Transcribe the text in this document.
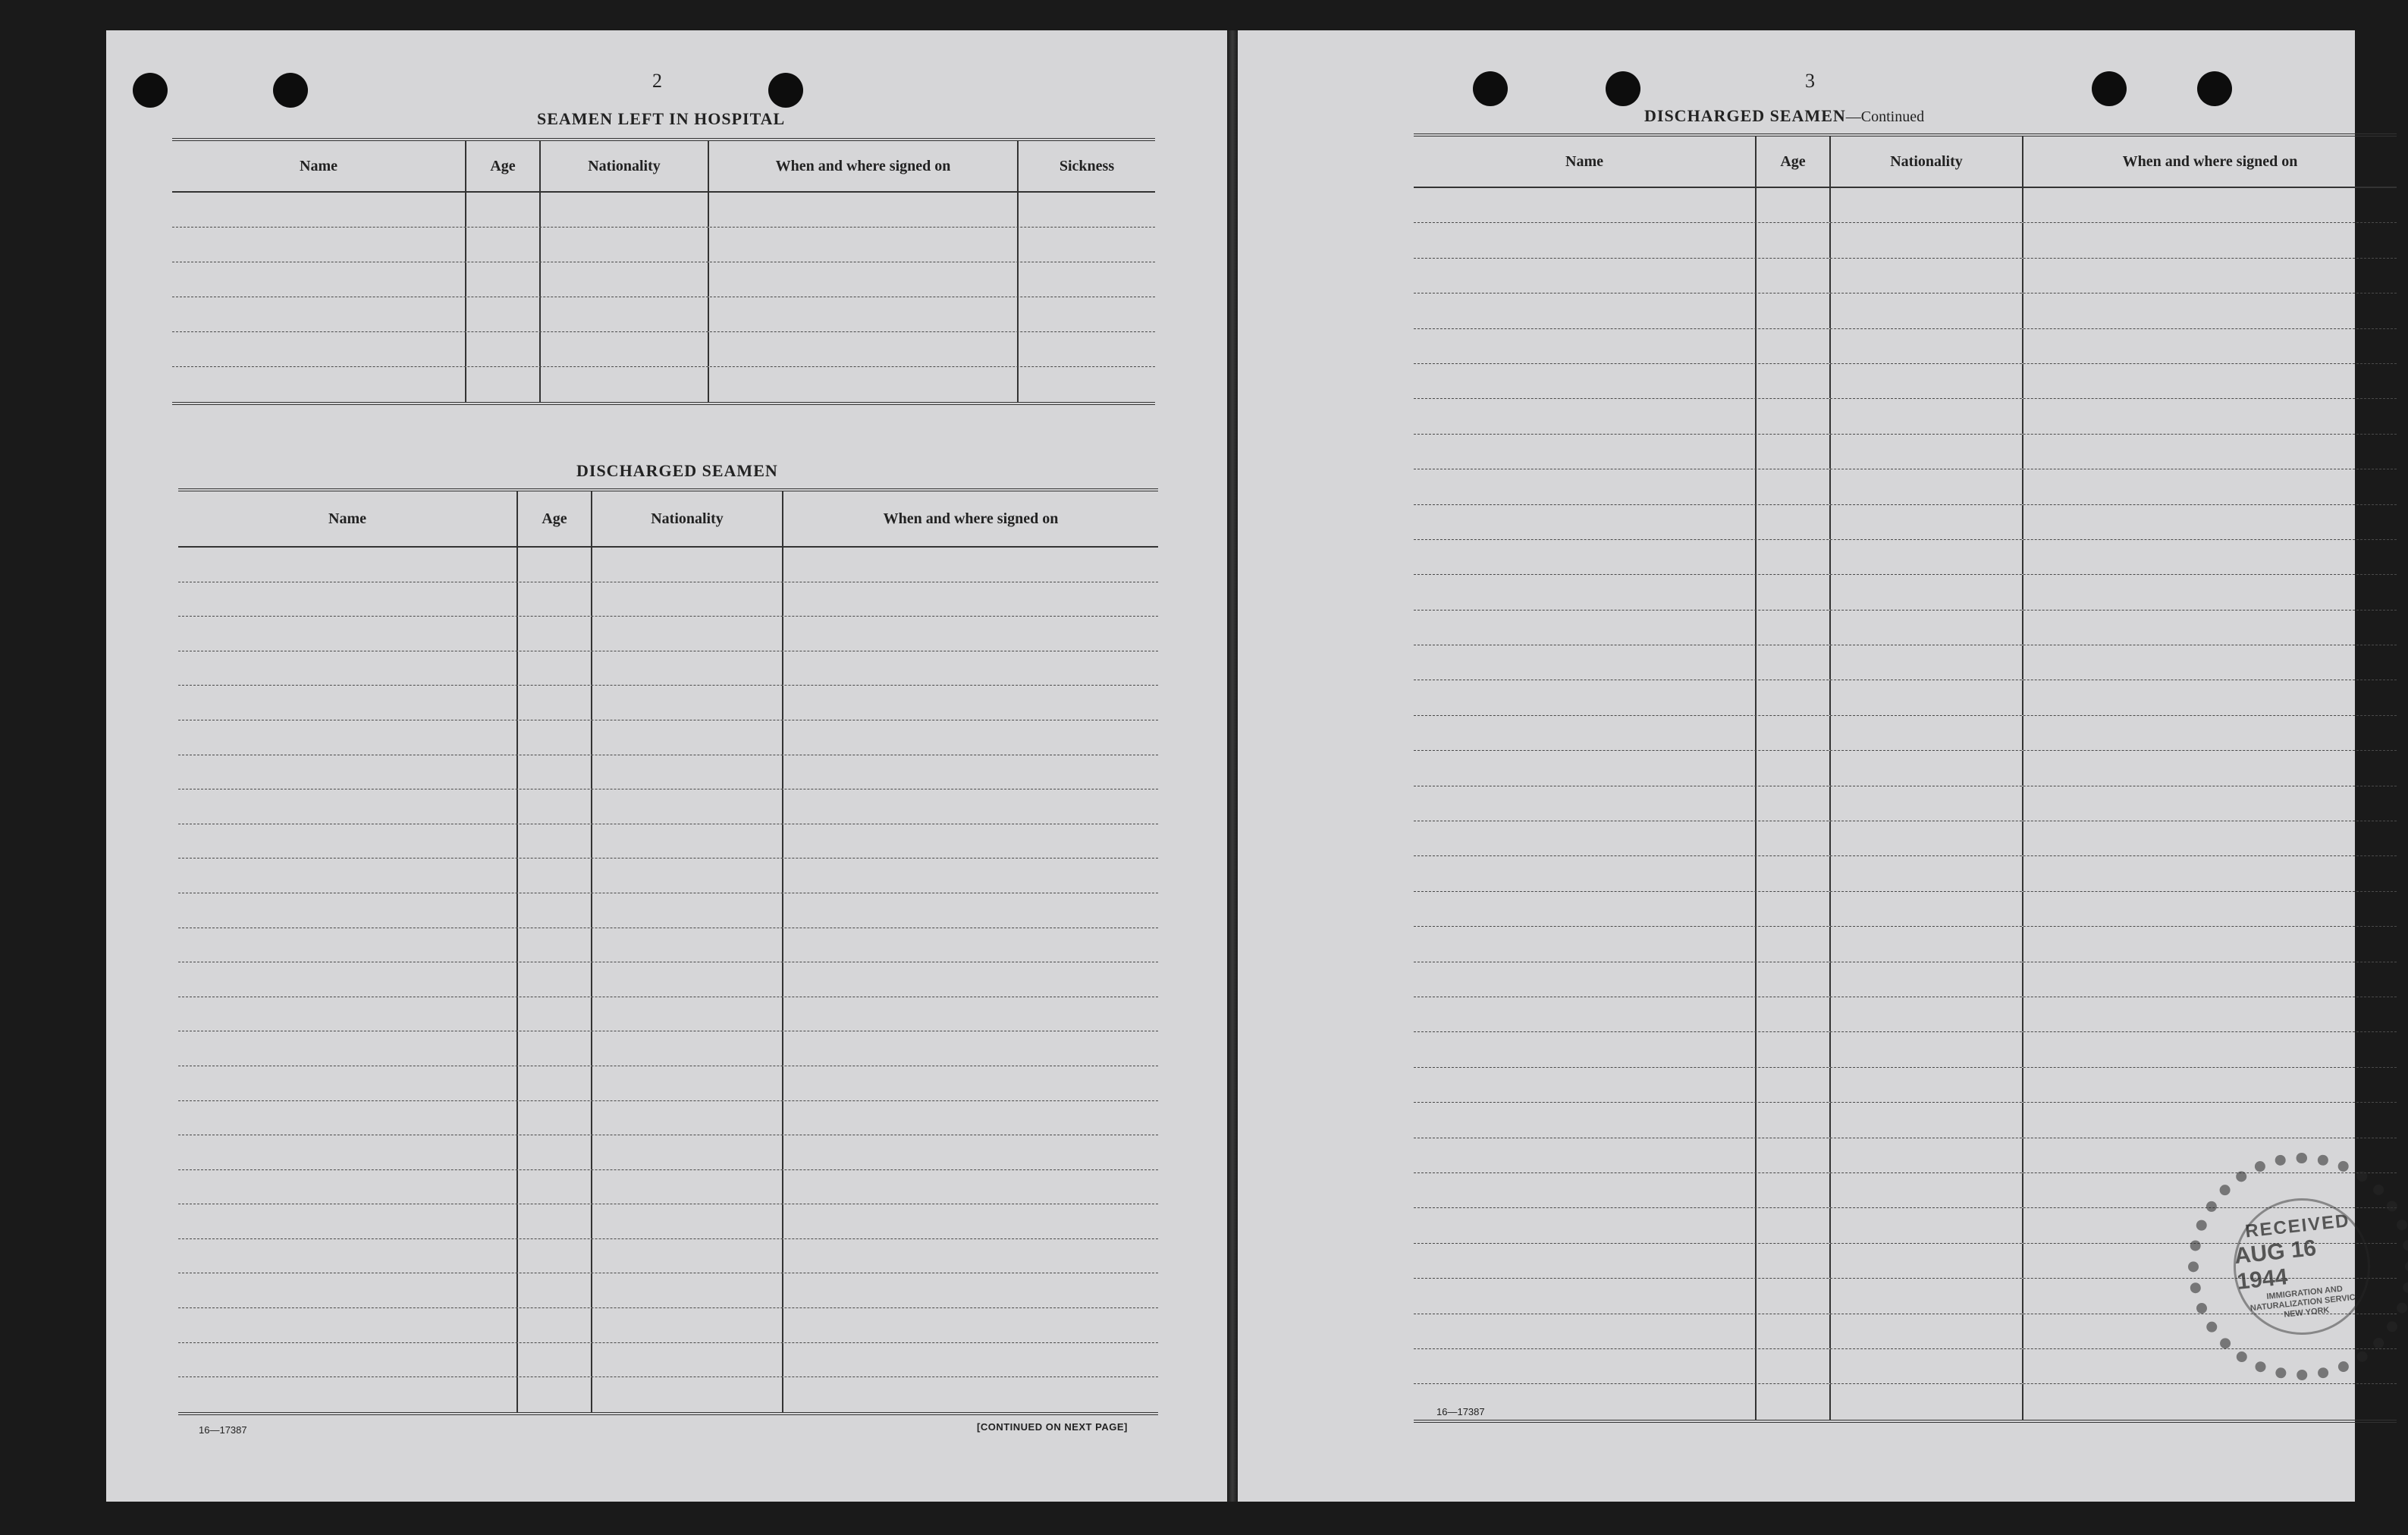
2
SEAMEN LEFT IN HOSPITAL
Name	Age	Nationality	When and where signed on	Sickness
DISCHARGED SEAMEN
Name	Age	Nationality	When and where signed on
16—17387	[CONTINUED ON NEXT PAGE]
3
DISCHARGED SEAMEN—Continued
Name	Age	Nationality	When and where signed on
16—17387
RECEIVED
AUG 16 1944
IMMIGRATION AND NATURALIZATION SERVICE NEW YORK
